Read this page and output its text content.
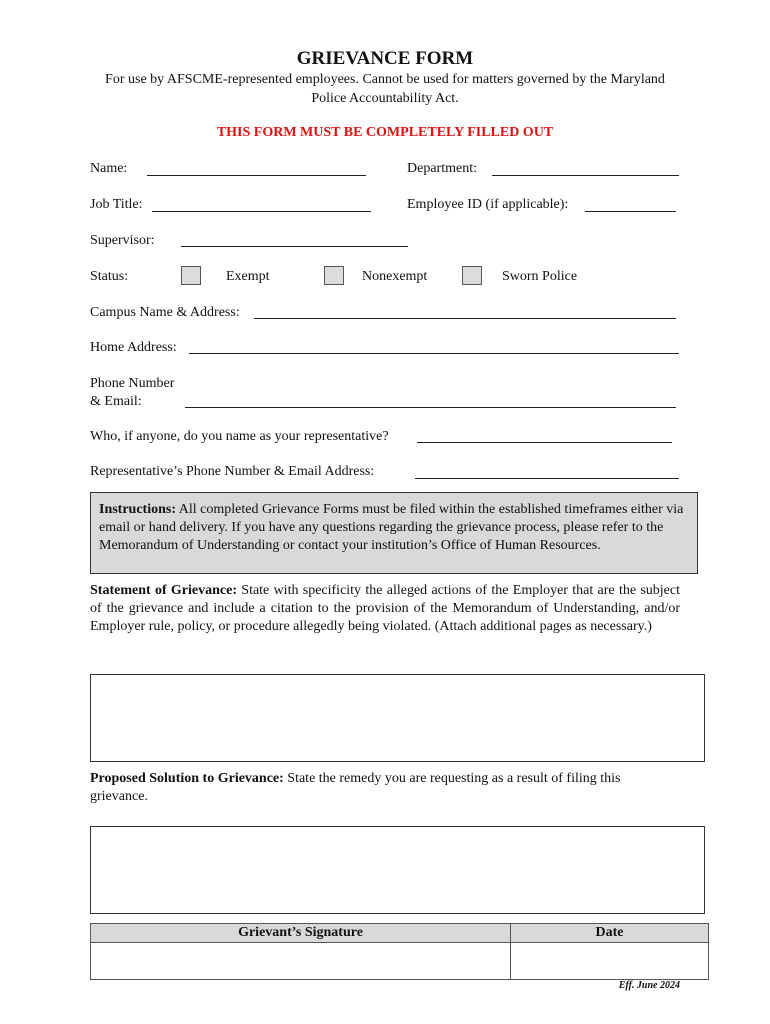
GRIEVANCE FORM
For use by AFSCME-represented employees. Cannot be used for matters governed by the Maryland Police Accountability Act.
THIS FORM MUST BE COMPLETELY FILLED OUT
Name:	Department:
Job Title:	Employee ID (if applicable):
Supervisor:
Status:	Exempt	Nonexempt	Sworn Police
Campus Name & Address:
Home Address:
Phone Number
& Email:
Who, if anyone, do you name as your representative?
Representative’s Phone Number & Email Address:
Instructions: All completed Grievance Forms must be filed within the established timeframes either via email or hand delivery. If you have any questions regarding the grievance process, please refer to the Memorandum of Understanding or contact your institution’s Office of Human Resources.
Statement of Grievance: State with specificity the alleged actions of the Employer that are the subject of the grievance and include a citation to the provision of the Memorandum of Understanding, and/or Employer rule, policy, or procedure allegedly being violated. (Attach additional pages as necessary.)
Proposed Solution to Grievance: State the remedy you are requesting as a result of filing this grievance.
Grievant’s Signature	Date

Eff. June 2024
